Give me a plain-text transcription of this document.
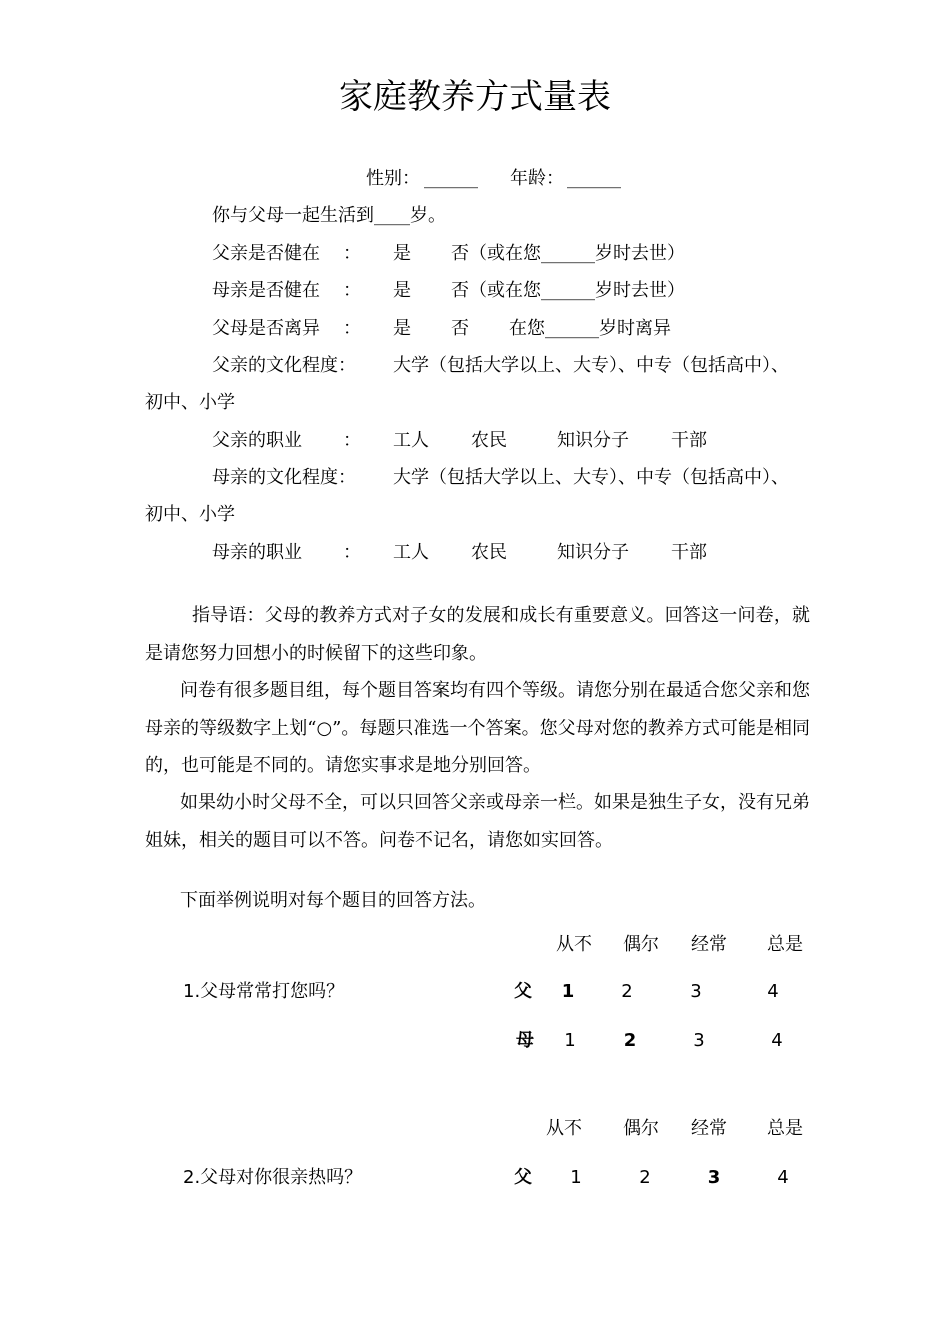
家庭教养方式量表
性别： ______ 年龄： ______
你与父母一起生活到____岁。
父亲是否健在 ： 是 否（或在您______岁时去世）
母亲是否健在 ： 是 否（或在您______岁时去世）
父母是否离异 ： 是 否 在您______岁时离异
父亲的文化程度： 大学（包括大学以上、大专）、中专（包括高中）、
初中、小学
父亲的职业 ： 工人 农民	知识分子 干部
母亲的文化程度： 大学（包括大学以上、大专）、中专（包括高中）、
初中、小学
母亲的职业 ： 工人 农民	知识分子 干部
指导语：父母的教养方式对子女的发展和成长有重要意义。回答这一问卷，就是请您努力回想小的时候留下的这些印象。
问卷有很多题目组，每个题目答案均有四个等级。请您分别在最适合您父亲和您母亲的等级数字上划“○”。每题只准选一个答案。您父母对您的教养方式可能是相同的，也可能是不同的。请您实事求是地分别回答。
如果幼小时父母不全，可以只回答父亲或母亲一栏。如果是独生子女，没有兄弟姐妹，相关的题目可以不答。问卷不记名，请您如实回答。
下面举例说明对每个题目的回答方法。
从不	偶尔	经常	总是
1.父母常常打您吗？	父	1	2	3	4
母	1	2	3	4
从不	偶尔	经常	总是
2.父母对你很亲热吗？	父	1	2	3	4
